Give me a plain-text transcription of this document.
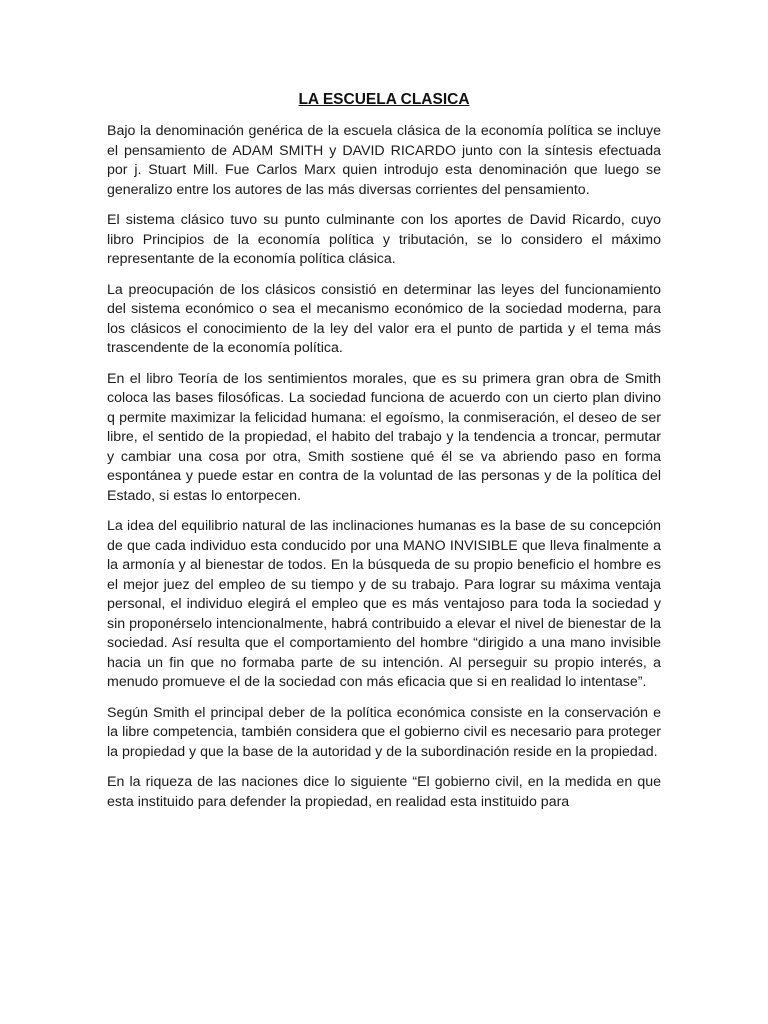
LA ESCUELA CLASICA

Bajo la denominación genérica de la escuela clásica de la economía política se incluye el pensamiento de ADAM SMITH y DAVID RICARDO junto con la síntesis efectuada por j. Stuart Mill. Fue Carlos Marx quien introdujo esta denominación que luego se generalizo entre los autores de las más diversas corrientes del pensamiento.

El sistema clásico tuvo su punto culminante con los aportes de David Ricardo, cuyo libro Principios de la economía política y tributación, se lo considero el máximo representante de la economía política clásica.

La preocupación de los clásicos consistió en determinar las leyes del funcionamiento del sistema económico o sea el mecanismo económico de la sociedad moderna, para los clásicos el conocimiento de la ley del valor era el punto de partida y el tema más trascendente de la economía política.

En el libro Teoría de los sentimientos morales, que es su primera gran obra de Smith coloca las bases filosóficas. La sociedad funciona de acuerdo con un cierto plan divino q permite maximizar la felicidad humana: el egoísmo, la conmiseración, el deseo de ser libre, el sentido de la propiedad, el habito del trabajo y la tendencia a troncar, permutar y cambiar una cosa por otra, Smith sostiene qué él se va abriendo paso en forma espontánea y puede estar en contra de la voluntad de las personas y de la política del Estado, si estas lo entorpecen.

La idea del equilibrio natural de las inclinaciones humanas es la base de su concepción de que cada individuo esta conducido por una MANO INVISIBLE que lleva finalmente a la armonía y al bienestar de todos. En la búsqueda de su propio beneficio el hombre es el mejor juez del empleo de su tiempo y de su trabajo. Para lograr su máxima ventaja personal, el individuo elegirá el empleo que es más ventajoso para toda la sociedad y sin proponérselo intencionalmente, habrá contribuido a elevar el nivel de bienestar de la sociedad. Así resulta que el comportamiento del hombre “dirigido a una mano invisible hacia un fin que no formaba parte de su intención. Al perseguir su propio interés, a menudo promueve el de la sociedad con más eficacia que si en realidad lo intentase”.

Según Smith el principal deber de la política económica consiste en la conservación e la libre competencia, también considera que el gobierno civil es necesario para proteger la propiedad y que la base de la autoridad y de la subordinación reside en la propiedad.

En la riqueza de las naciones dice lo siguiente “El gobierno civil, en la medida en que esta instituido para defender la propiedad, en realidad esta instituido para
